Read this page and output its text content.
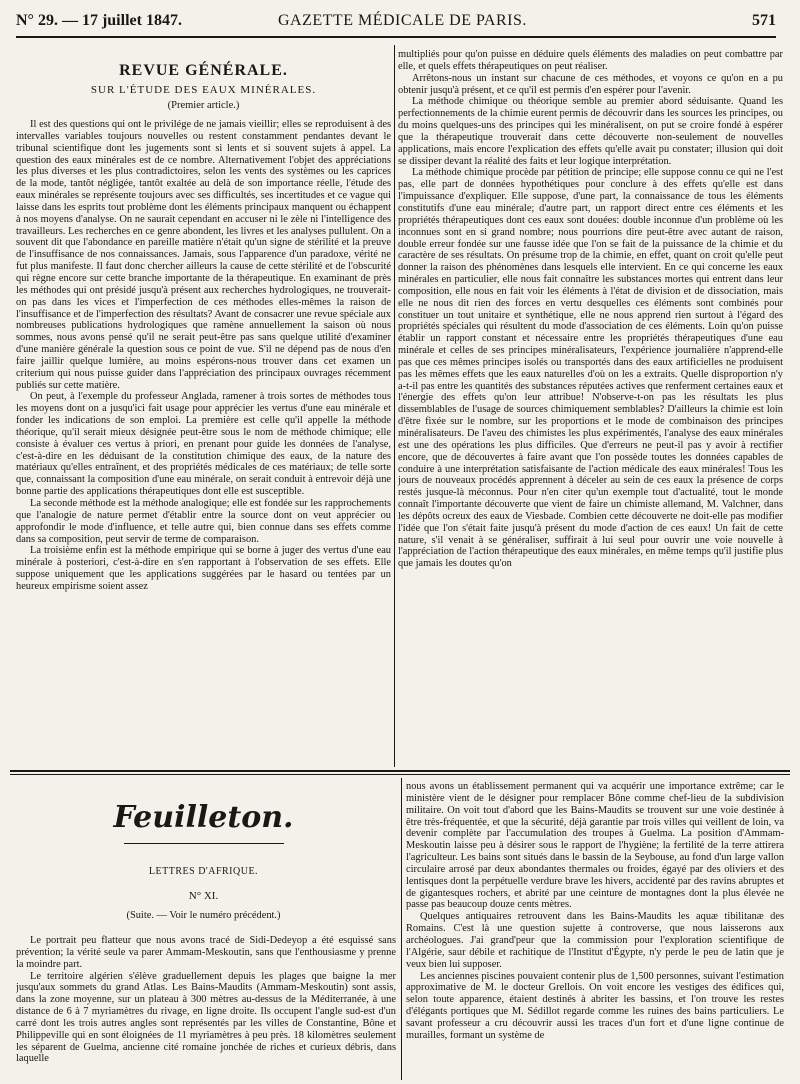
N° 29. — 17 juillet 1847.	GAZETTE MÉDICALE DE PARIS.	571
REVUE GÉNÉRALE.
SUR L'ÉTUDE DES EAUX MINÉRALES.
(Premier article.)

Il est des questions qui ont le privilége de ne jamais vieillir; elles se reproduisent à des intervalles variables toujours nouvelles ou restent constamment pendantes devant le tribunal scientifique dont les jugements sont si lents et si souvent sujets à appel. La question des eaux minérales est de ce nombre. Alternativement l'objet des appréciations les plus diverses et les plus contradictoires, selon les vents des systèmes ou les caprices de la mode, tantôt négligée, tantôt exaltée au delà de son importance réelle, l'étude des eaux minérales se représente toujours avec ses difficultés, ses incertitudes et ce vague qui laisse dans les esprits tout problème dont les éléments principaux manquent ou échappent à nos moyens d'analyse. On ne saurait cependant en accuser ni le zèle ni l'intelligence des travailleurs. Les recherches en ce genre abondent, les livres et les analyses pullulent. On a souvent dit que l'abondance en pareille matière n'était qu'un signe de stérilité et la preuve de l'insuffisance de nos connaissances. Jamais, sous l'apparence d'un paradoxe, vérité ne fut plus manifeste. Il faut donc chercher ailleurs la cause de cette stérilité et de l'obscurité qui règne encore sur cette branche importante de la thérapeutique. En examinant de près les méthodes qui ont présidé jusqu'à présent aux recherches hydrologiques, ne trouverait-on pas dans les vices et l'imperfection de ces méthodes elles-mêmes la raison de l'insuffisance et de l'imperfection des résultats? Avant de consacrer une revue spéciale aux nombreuses publications hydrologiques que ramène annuellement la saison où nous sommes, nous avons pensé qu'il ne serait peut-être pas sans quelque utilité d'examiner d'une manière générale la question sous ce point de vue. S'il ne dépend pas de nous d'en faire jaillir quelque lumière, au moins espérons-nous trouver dans cet examen un criterium qui nous puisse guider dans l'appréciation des principaux ouvrages récemment publiés sur cette matière.

On peut, à l'exemple du professeur Anglada, ramener à trois sortes de méthodes tous les moyens dont on a jusqu'ici fait usage pour apprécier les vertus d'une eau minérale et fonder les indications de son emploi. La première est celle qu'il appelle la méthode théorique, qu'il serait mieux désignée peut-être sous le nom de méthode chimique; elle consiste à évaluer ces vertus à priori, en prenant pour guide les données de l'analyse, c'est-à-dire en les déduisant de la constitution chimique des eaux, de la nature des matériaux qu'elles entraînent, et des propriétés médicales de ces matériaux; de telle sorte que, connaissant la composition d'une eau minérale, on serait conduit à entrevoir déjà une bonne partie des applications thérapeutiques dont elle est susceptible.

La seconde méthode est la méthode analogique; elle est fondée sur les rapprochements que l'analogie de nature permet d'établir entre la source dont on veut apprécier ou approfondir le mode d'influence, et telle autre qui, bien connue dans ses effets comme dans sa composition, peut servir de terme de comparaison.

La troisième enfin est la méthode empirique qui se borne à juger des vertus d'une eau minérale à posteriori, c'est-à-dire en s'en rapportant à l'observation de ses effets. Elle suppose uniquement que les applications suggérées par le hasard ou tentées par un heureux empirisme soient assez

multipliés pour qu'on puisse en déduire quels éléments des maladies on peut combattre par elle, et quels effets thérapeutiques on peut réaliser.

Arrêtons-nous un instant sur chacune de ces méthodes, et voyons ce qu'on en a pu obtenir jusqu'à présent, et ce qu'il est permis d'en espérer pour l'avenir.

La méthode chimique ou théorique semble au premier abord séduisante. Quand les perfectionnements de la chimie eurent permis de découvrir dans les sources les principes, ou du moins quelques-uns des principes qui les minéralisent, on put se croire fondé à espérer que la thérapeutique trouverait dans cette découverte non-seulement de nouvelles applications, mais encore l'explication des effets qu'elle avait pu constater; illusion qui doit se dissiper devant la réalité des faits et leur logique interprétation.

La méthode chimique procède par pétition de principe; elle suppose connu ce qui ne l'est pas, elle part de données hypothétiques pour conclure à des effets qu'elle est dans l'impuissance d'expliquer. Elle suppose, d'une part, la connaissance de tous les éléments constitutifs d'une eau minérale; d'autre part, un rapport direct entre ces éléments et les propriétés thérapeutiques dont ces eaux sont douées: double inconnue d'un problème où les inconnues sont en si grand nombre; nous pourrions dire peut-être avec autant de raison, double erreur fondée sur une fausse idée que l'on se fait de la puissance de la chimie et du caractère de ses résultats. On présume trop de la chimie, en effet, quant on croit qu'elle peut donner la raison des phénomènes dans lesquels elle intervient. En ce qui concerne les eaux minérales en particulier, elle nous fait connaître les substances mortes qui entrent dans leur composition, elle nous en fait voir les éléments à l'état de division et de dissociation, mais elle ne nous dit rien des forces en vertu desquelles ces éléments sont combinés pour constituer un tout unitaire et synthétique, elle ne nous apprend rien surtout à l'égard des propriétés spéciales qui résultent du mode d'association de ces éléments. Loin qu'on puisse établir un rapport constant et nécessaire entre les propriétés thérapeutiques d'une eau minérale et celles de ses principes minéralisateurs, l'expérience journalière n'apprend-elle pas que ces mêmes principes isolés ou transportés dans des eaux artificielles ne produisent pas les mêmes effets que les eaux naturelles d'où on les a extraits. Quelle disproportion n'y a-t-il pas entre les quantités des substances réputées actives que renferment certaines eaux et l'énergie des effets qu'on leur attribue! N'observe-t-on pas les résultats les plus dissemblables de l'usage de sources chimiquement semblables? D'ailleurs la chimie est loin d'être fixée sur le nombre, sur les proportions et le mode de combinaison des principes minéralisateurs. De l'aveu des chimistes les plus expérimentés, l'analyse des eaux minérales est une des opérations les plus difficiles. Que d'erreurs ne peut-il pas y avoir à rectifier encore, que de découvertes à faire avant que l'on possède toutes les données capables de conduire à une interprétation satisfaisante de l'action médicale des eaux minérales! Tous les jours de nouveaux procédés apprennent à déceler au sein de ces eaux la présence de corps restés jusque-là méconnus. Pour n'en citer qu'un exemple tout d'actualité, tout le monde connaît l'importante découverte que vient de faire un chimiste allemand, M. Valchner, dans les dépôts ocreux des eaux de Viesbade. Combien cette découverte ne doit-elle pas modifier l'idée que l'on s'était faite jusqu'à présent du mode d'action de ces eaux! Un fait de cette nature, s'il venait à se généraliser, suffirait à lui seul pour ouvrir une voie nouvelle à l'appréciation de l'action thérapeutique des eaux minérales, en même temps qu'il justifie plus que jamais les doutes qu'on

Feuilleton.
LETTRES D'AFRIQUE.
N° XI.
(Suite. — Voir le numéro précédent.)

Le portrait peu flatteur que nous avons tracé de Sidi-Dedeyop a été esquissé sans prévention; la vérité seule va parer Ammam-Meskoutin, sans que l'enthousiasme y prenne la moindre part.

Le territoire algérien s'élève graduellement depuis les plages que baigne la mer jusqu'aux sommets du grand Atlas. Les Bains-Maudits (Ammam-Meskoutin) sont assis, dans la zone moyenne, sur un plateau à 300 mètres au-dessus de la Méditerranée, à une distance de 6 à 7 myriamètres du rivage, en ligne droite. Ils occupent l'angle sud-est d'un carré dont les trois autres angles sont représentés par les villes de Constantine, Bône et Philippeville qui en sont éloignées de 11 myriamètres à peu près. 18 kilomètres seulement les séparent de Guelma, ancienne cité romaine jonchée de riches et curieux débris, dans laquelle

nous avons un établissement permanent qui va acquérir une importance extrême; car le ministère vient de le désigner pour remplacer Bône comme chef-lieu de la subdivision militaire. On voit tout d'abord que les Bains-Maudits se trouvent sur une voie destinée à être très-fréquentée, et que la sécurité, déjà garantie par trois villes qui veillent de loin, va devenir complète par l'accumulation des troupes à Guelma. La position d'Ammam-Meskoutin laisse peu à désirer sous le rapport de l'hygiène; la fertilité de la terre attirera l'agriculteur. Les bains sont situés dans le bassin de la Seybouse, au fond d'un large vallon circulaire arrosé par deux abondantes thermales ou froides, égayé par des oliviers et des lentisques dont la perpétuelle verdure brave les hivers, accidenté par des ravins abruptes et de gigantesques rochers, et abrité par une ceinture de montagnes dont la plus élevée ne passe pas beaucoup douze cents mètres.

Quelques antiquaires retrouvent dans les Bains-Maudits les aquæ tibilitanæ des Romains. C'est là une question sujette à controverse, que nous laisserons aux archéologues. J'ai grand'peur que la commission pour l'exploration scientifique de l'Algérie, saur débile et rachitique de l'Institut d'Égypte, n'y perde le peu de latin que je veux bien lui supposer.

Les anciennes piscines pouvaient contenir plus de 1,500 personnes, suivant l'estimation approximative de M. le docteur Grellois. On voit encore les vestiges des édifices qui, selon toute apparence, étaient destinés à abriter les bassins, et l'on trouve les restes d'élégants portiques que M. Sédillot regarde comme les ruines des bains particuliers. Le savant professeur a cru découvrir aussi les traces d'un fort et d'une ligne continue de murailles, formant un système de
